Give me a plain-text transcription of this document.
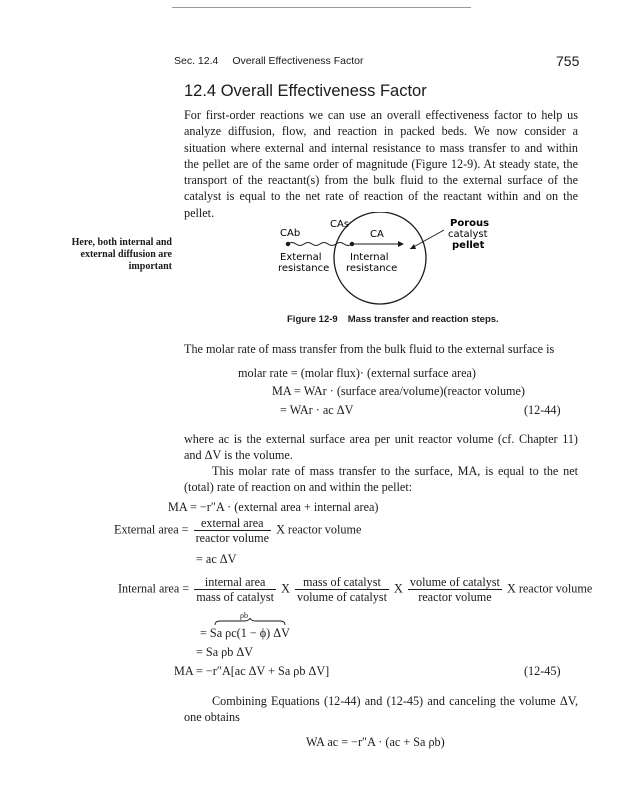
Sec. 12.4 Overall Effectiveness Factor	755
12.4 Overall Effectiveness Factor
For first-order reactions we can use an overall effectiveness factor to help us analyze diffusion, flow, and reaction in packed beds. We now consider a situation where external and internal resistance to mass transfer to and within the pellet are of the same order of magnitude (Figure 12-9). At steady state, the transport of the reactant(s) from the bulk fluid to the external surface of the catalyst is equal to the net rate of reaction of the reactant within and on the pellet.
Here, both internal and external diffusion are important
CAb
CAs
CA
External
resistance
Internal
resistance
Porous
catalyst
pellet
Figure 12-9 Mass transfer and reaction steps.
The molar rate of mass transfer from the bulk fluid to the external surface is
molar rate = (molar flux)· (external surface area)
MA = WAr · (surface area/volume)(reactor volume)
= WAr · ac ΔV	(12-44)
where ac is the external surface area per unit reactor volume (cf. Chapter 11) and ΔV is the volume.
This molar rate of mass transfer to the surface, MA, is equal to the net (total) rate of reaction on and within the pellet:
MA = −r″A · (external area + internal area)
External area = $\frac{\text{external area}}{\text{reactor volume}}$ X reactor volume
= ac ΔV
Internal area = $\frac{\text{internal area}}{\text{mass of catalyst}}$ X $\frac{\text{mass of catalyst}}{\text{volume of catalyst}}$ X $\frac{\text{volume of catalyst}}{\text{reactor volume}}$ X reactor volume
ρb
= Sa ρc(1 − ϕ) ΔV
= Sa ρb ΔV
MA = −r″A[ac ΔV + Sa ρb ΔV]	(12-45)
Combining Equations (12-44) and (12-45) and canceling the volume ΔV, one obtains
WA ac = −r″A · (ac + Sa ρb)
